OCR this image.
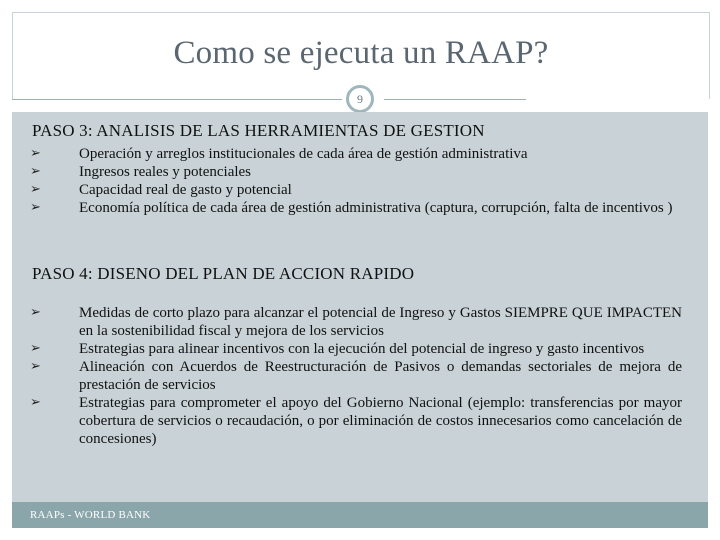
Como se ejecuta un RAAP?
9
PASO 3: ANALISIS DE LAS HERRAMIENTAS DE GESTION
➢	Operación y arreglos institucionales de cada área de gestión administrativa
➢	Ingresos reales y potenciales
➢	Capacidad real de gasto y potencial
➢	Economía política de cada área de gestión administrativa (captura, corrupción, falta de incentivos )
PASO 4: DISENO DEL PLAN DE ACCION RAPIDO
➢	Medidas de corto plazo para alcanzar el potencial de Ingreso y Gastos SIEMPRE QUE IMPACTEN en la sostenibilidad fiscal y mejora de los servicios
➢	Estrategias para alinear incentivos con la ejecución del potencial de ingreso y gasto incentivos
➢	Alineación con Acuerdos de Reestructuración de Pasivos o demandas sectoriales de mejora de prestación de servicios
➢	Estrategias para comprometer el apoyo del Gobierno Nacional (ejemplo: transferencias por mayor cobertura de servicios o recaudación, o por eliminación de costos innecesarios como cancelación de concesiones)
RAAPs - WORLD BANK
